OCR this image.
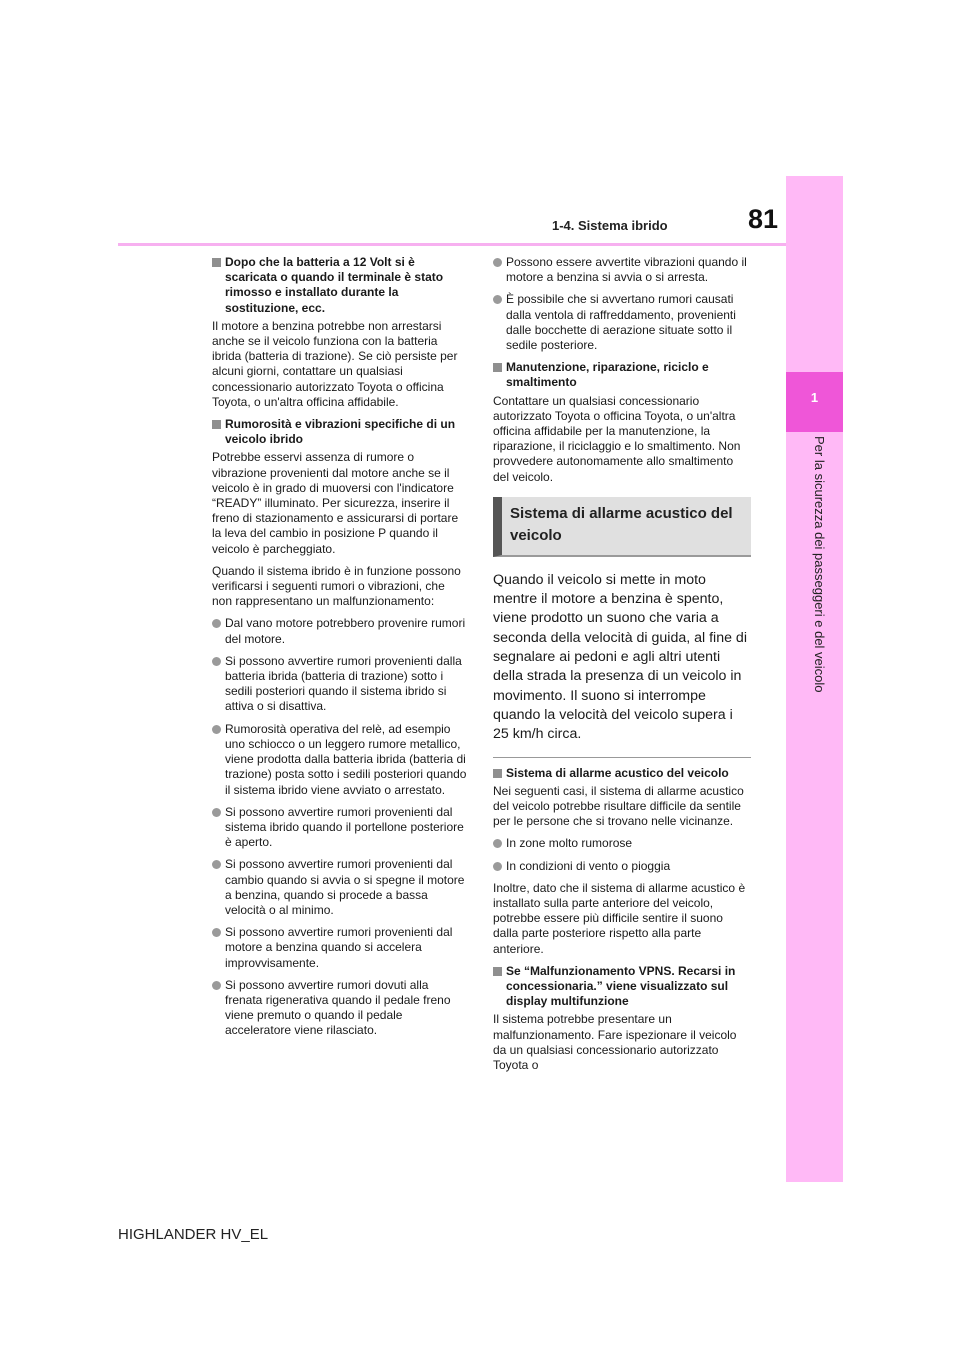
1-4. Sistema ibrido	81
1
Per la sicurezza dei passeggeri e del veicolo
Dopo che la batteria a 12 Volt si è scaricata o quando il terminale è stato rimosso e installato durante la sostituzione, ecc.

Il motore a benzina potrebbe non arrestarsi anche se il veicolo funziona con la batteria ibrida (batteria di trazione). Se ciò persiste per alcuni giorni, contattare un qualsiasi concessionario autorizzato Toyota o officina Toyota, o un'altra officina affidabile.

Rumorosità e vibrazioni specifiche di un veicolo ibrido

Potrebbe esservi assenza di rumore o vibrazione provenienti dal motore anche se il veicolo è in grado di muoversi con l'indicatore “READY” illuminato. Per sicurezza, inserire il freno di stazionamento e assicurarsi di portare la leva del cambio in posizione P quando il veicolo è parcheggiato.

Quando il sistema ibrido è in funzione possono verificarsi i seguenti rumori o vibrazioni, che non rappresentano un malfunzionamento:

Dal vano motore potrebbero provenire rumori del motore.
Si possono avvertire rumori provenienti dalla batteria ibrida (batteria di trazione) sotto i sedili posteriori quando il sistema ibrido si attiva o si disattiva.
Rumorosità operativa del relè, ad esempio uno schiocco o un leggero rumore metallico, viene prodotta dalla batteria ibrida (batteria di trazione) posta sotto i sedili posteriori quando il sistema ibrido viene avviato o arrestato.
Si possono avvertire rumori provenienti dal sistema ibrido quando il portellone posteriore è aperto.
Si possono avvertire rumori provenienti dal cambio quando si avvia o si spegne il motore a benzina, quando si procede a bassa velocità o al minimo.
Si possono avvertire rumori provenienti dal motore a benzina quando si accelera improvvisamente.
Si possono avvertire rumori dovuti alla frenata rigenerativa quando il pedale freno viene premuto o quando il pedale acceleratore viene rilasciato.
Possono essere avvertite vibrazioni quando il motore a benzina si avvia o si arresta.
È possibile che si avvertano rumori causati dalla ventola di raffreddamento, provenienti dalle bocchette di aerazione situate sotto il sedile posteriore.
Manutenzione, riparazione, riciclo e smaltimento

Contattare un qualsiasi concessionario autorizzato Toyota o officina Toyota, o un'altra officina affidabile per la manutenzione, la riparazione, il riciclaggio e lo smaltimento. Non provvedere autonomamente allo smaltimento del veicolo.

Sistema di allarme acustico del veicolo

Quando il veicolo si mette in moto mentre il motore a benzina è spento, viene prodotto un suono che varia a seconda della velocità di guida, al fine di segnalare ai pedoni e agli altri utenti della strada la presenza di un veicolo in movimento. Il suono si interrompe quando la velocità del veicolo supera i 25 km/h circa.

Sistema di allarme acustico del veicolo

Nei seguenti casi, il sistema di allarme acustico del veicolo potrebbe risultare difficile da sentile per le persone che si trovano nelle vicinanze.

In zone molto rumorose
In condizioni di vento o pioggia

Inoltre, dato che il sistema di allarme acustico è installato sulla parte anteriore del veicolo, potrebbe essere più difficile sentire il suono dalla parte posteriore rispetto alla parte anteriore.

Se “Malfunzionamento VPNS. Recarsi in concessionaria.” viene visualizzato sul display multifunzione

Il sistema potrebbe presentare un malfunzionamento. Fare ispezionare il veicolo da un qualsiasi concessionario autorizzato Toyota o

HIGHLANDER HV_EL
